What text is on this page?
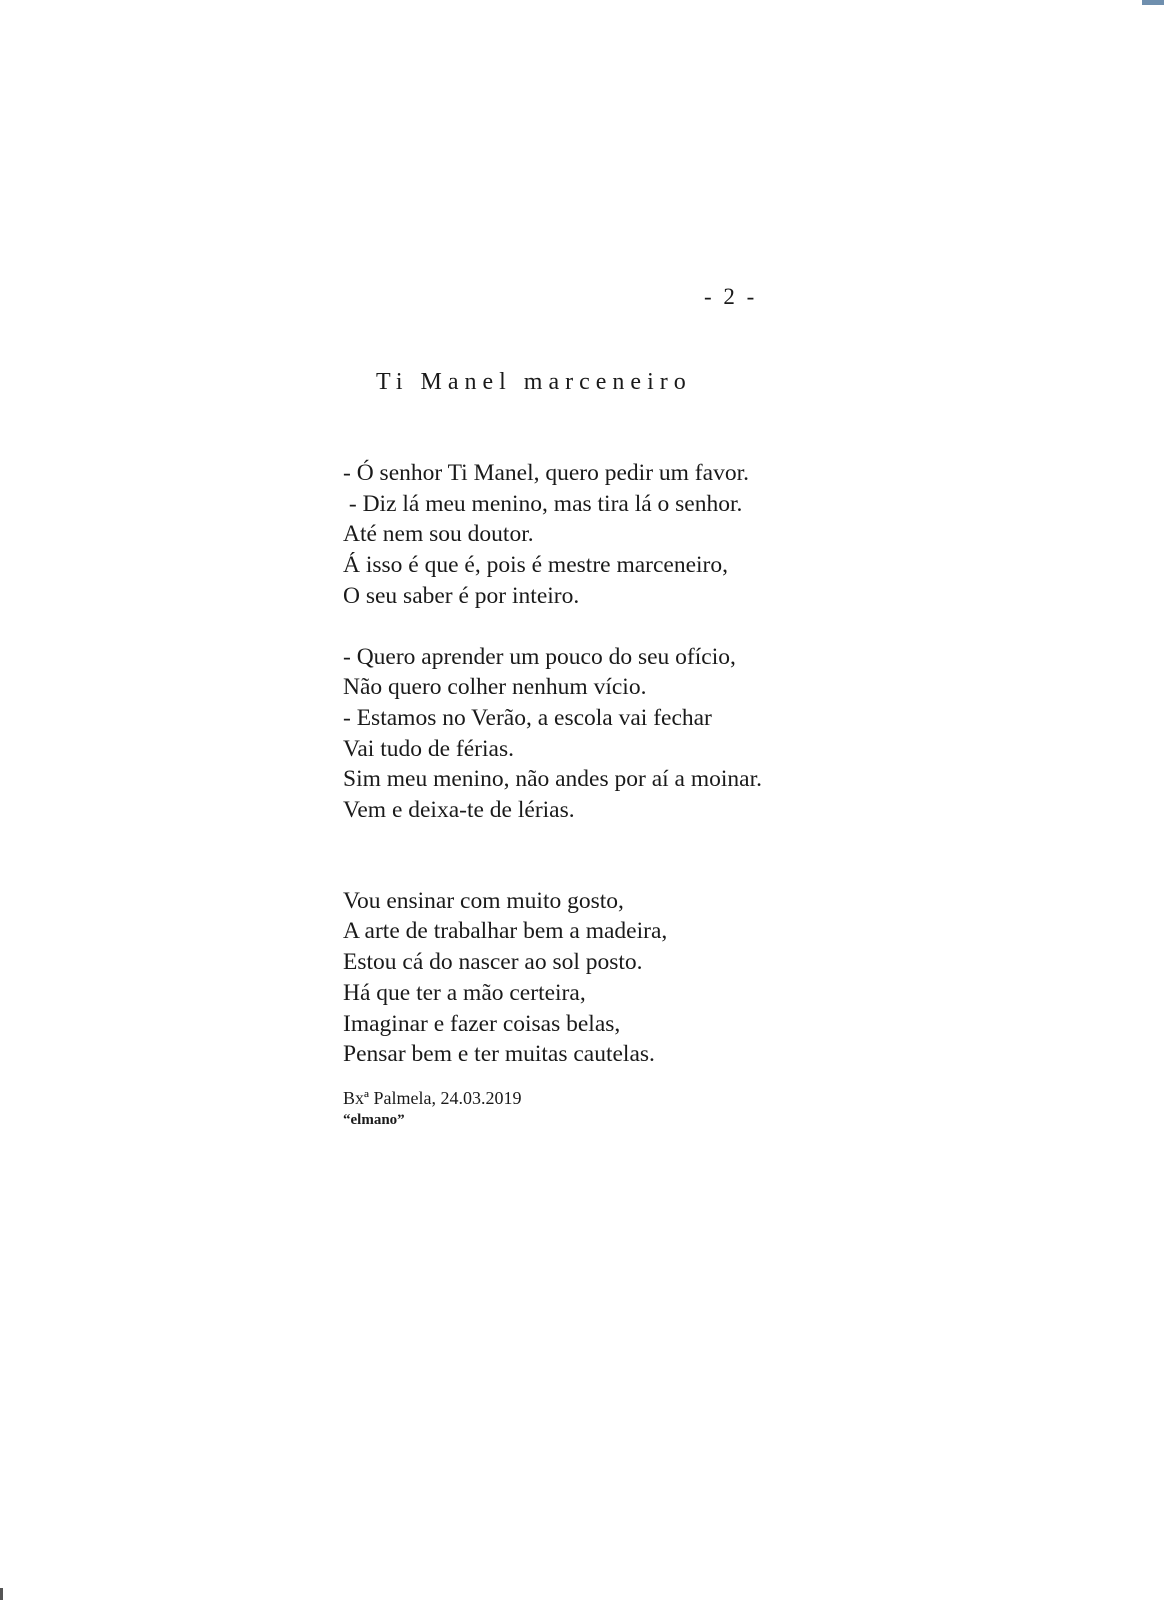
- 2 -
Ti Manel marceneiro
- Ó senhor Ti Manel, quero pedir um favor.
- Diz lá meu menino, mas tira lá o senhor.
Até nem sou doutor.
Á isso é que é, pois é mestre marceneiro,
O seu saber é por inteiro.
- Quero aprender um pouco do seu ofício,
Não quero colher nenhum vício.
- Estamos no Verão, a escola vai fechar
Vai tudo de férias.
Sim meu menino, não andes por aí a moinar.
Vem e deixa-te de lérias.
Vou ensinar com muito gosto,
A arte de trabalhar bem a madeira,
Estou cá do nascer ao sol posto.
Há que ter a mão certeira,
Imaginar e fazer coisas belas,
Pensar bem e ter muitas cautelas.
Bxª Palmela, 24.03.2019
“elmano”
